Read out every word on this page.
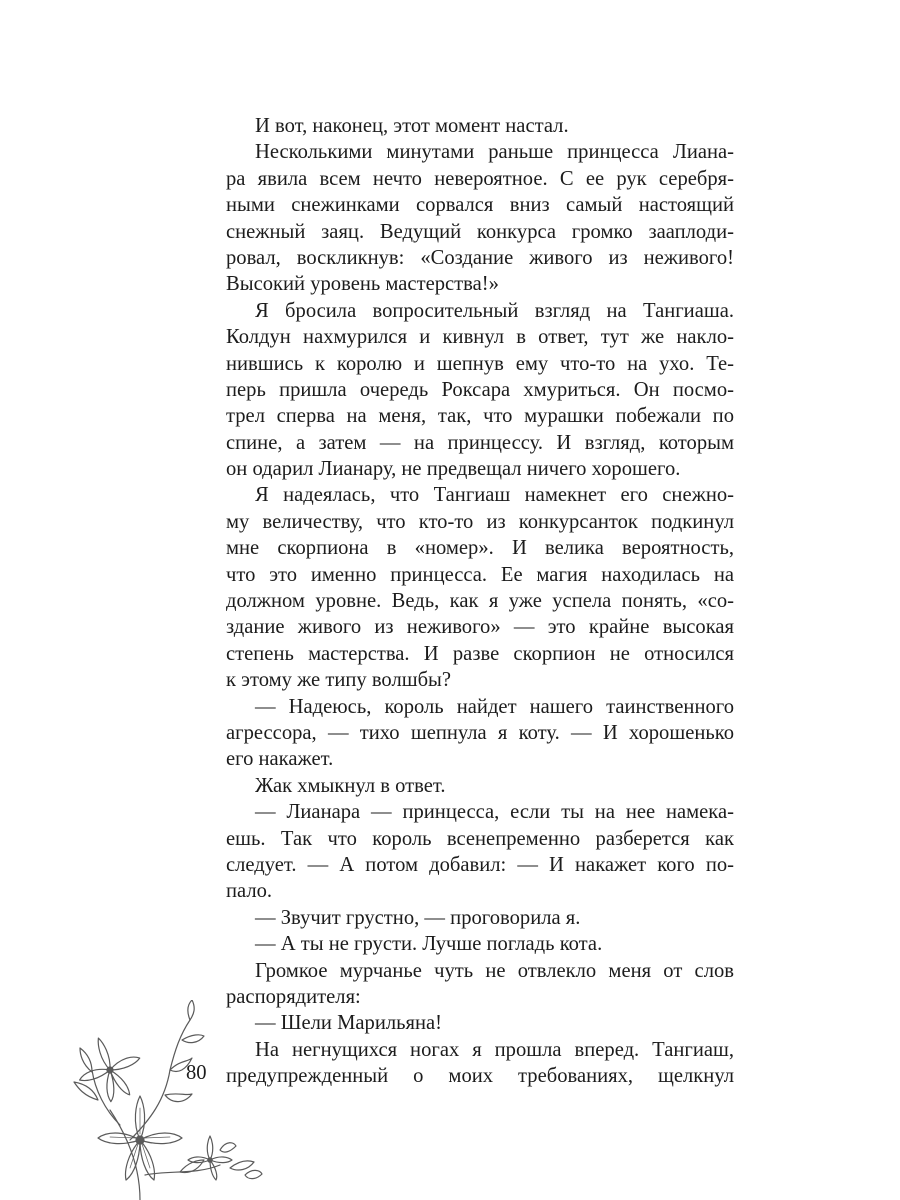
И вот, наконец, этот момент настал.
Несколькими минутами раньше принцесса Лиана-
ра явила всем нечто невероятное. С ее рук серебря-
ными снежинками сорвался вниз самый настоящий
снежный заяц. Ведущий конкурса громко зааплоди-
ровал, воскликнув: «Создание живого из неживого!
Высокий уровень мастерства!»
Я бросила вопросительный взгляд на Тангиаша.
Колдун нахмурился и кивнул в ответ, тут же накло-
нившись к королю и шепнув ему что-то на ухо. Те-
перь пришла очередь Роксара хмуриться. Он посмо-
трел сперва на меня, так, что мурашки побежали по
спине, а затем — на принцессу. И взгляд, которым
он одарил Лианару, не предвещал ничего хорошего.
Я надеялась, что Тангиаш намекнет его снежно-
му величеству, что кто-то из конкурсанток подкинул
мне скорпиона в «номер». И велика вероятность,
что это именно принцесса. Ее магия находилась на
должном уровне. Ведь, как я уже успела понять, «со-
здание живого из неживого» — это крайне высокая
степень мастерства. И разве скорпион не относился
к этому же типу волшбы?
— Надеюсь, король найдет нашего таинственного
агрессора, — тихо шепнула я коту. — И хорошенько
его накажет.
Жак хмыкнул в ответ.
— Лианара — принцесса, если ты на нее намека-
ешь. Так что король всенепременно разберется как
следует. — А потом добавил: — И накажет кого по-
пало.
— Звучит грустно, — проговорила я.
— А ты не грусти. Лучше погладь кота.
Громкое мурчанье чуть не отвлекло меня от слов
распорядителя:
— Шели Марильяна!
На негнущихся ногах я прошла вперед. Тангиаш,
предупрежденный о моих требованиях, щелкнул
80
